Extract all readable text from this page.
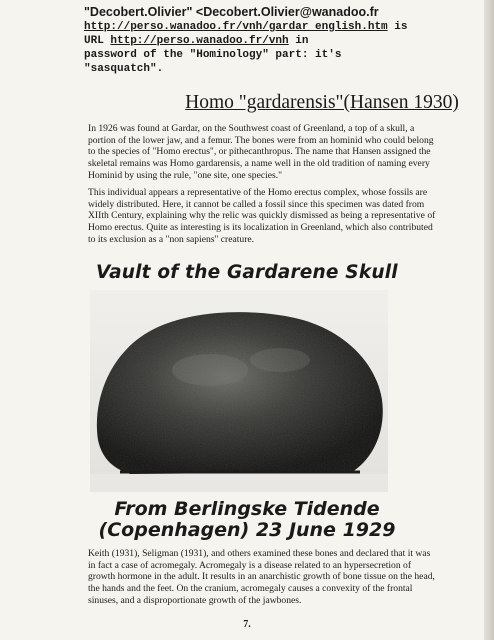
"Decobert.Olivier" <Decobert.Olivier@wanadoo.fr
http://perso.wanadoo.fr/vnh/gardar english.htm is
URL http://perso.wanadoo.fr/vnh in
password of the "Hominology" part: it's
"sasquatch".
Homo "gardarensis"(Hansen 1930)
In 1926 was found at Gardar, on the Southwest coast of Greenland, a top of a skull, a portion of the lower jaw, and a femur. The bones were from an hominid who could belong to the species of "Homo erectus", or pithecanthropus. The name that Hansen assigned the skeletal remains was Homo gardarensis, a name well in the old tradition of naming every Hominid by using the rule, "one site, one species."
This individual appears a representative of the Homo erectus complex, whose fossils are widely distributed. Here, it cannot be called a fossil since this specimen was dated from XIIth Century, explaining why the relic was quickly dismissed as being a representative of Homo erectus. Quite as interesting is its localization in Greenland, which also contributed to its exclusion as a "non sapiens" creature.
Vault of the Gardarene Skull
From Berlingske Tidende
(Copenhagen) 23 June 1929
Keith (1931), Seligman (1931), and others examined these bones and declared that it was in fact a case of acromegaly. Acromegaly is a disease related to an hypersecretion of growth hormone in the adult. It results in an anarchistic growth of bone tissue on the head, the hands and the feet. On the cranium, acromegaly causes a convexity of the frontal sinuses, and a disproportionate growth of the jawbones.
7.
